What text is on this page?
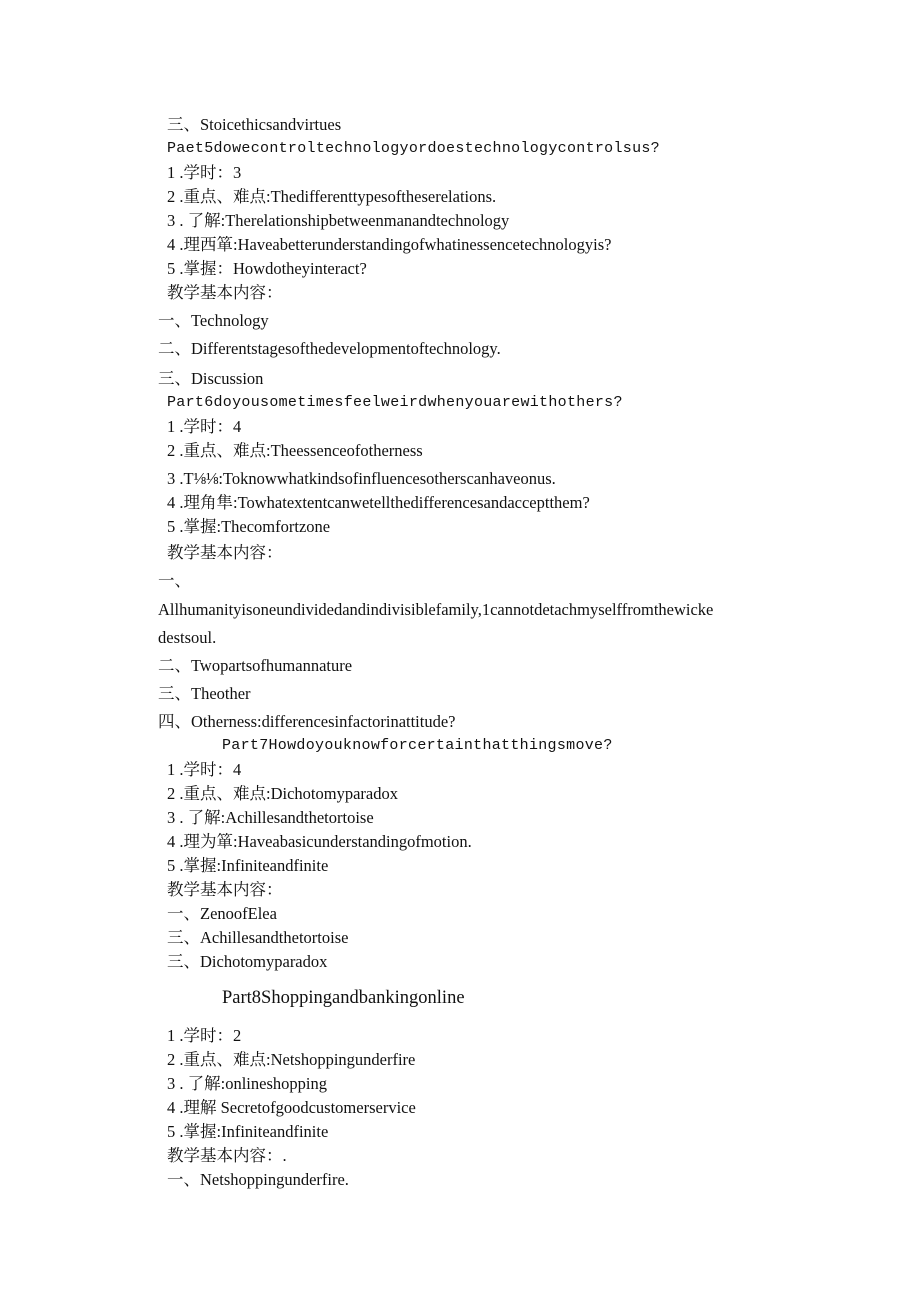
三、Stoicethicsandvirtues
Paet5dowecontroltechnologyordoestechnologycontrolsus?
1 .学时：3
2 .重点、难点:Thedifferenttypesoftheserelations.
3 . 了解:Therelationshipbetweenmanandtechnology
4 .理西箪:Haveabetterunderstandingofwhatinessencetechnologyis?
5 .掌握：Howdotheyinteract?
教学基本内容：
一、Technology
二、Differentstagesofthedevelopmentoftechnology.
三、Discussion
Part6doyousometimesfeelweirdwhenyouarewithothers?
1 .学时：4
2 .重点、难点:Theessenceofotherness
3 .T⅛⅛:Toknowwhatkindsofinfluencesotherscanhaveonus.
4 .理角隼:Towhatextentcanwetellthedifferencesandacceptthem?
5 .掌握:Thecomfortzone
教学基本内容：
一、
Allhumanityisoneundividedandindivisiblefamily,1cannotdetachmyselffromthewicke
destsoul.
二、Twopartsofhumannature
三、Theother
四、Otherness:differencesinfactorinattitude?
Part7Howdoyouknowforcertainthatthingsmove?
1 .学时：4
2 .重点、难点:Dichotomyparadox
3 . 了解:Achillesandthetortoise
4 .理为箪:Haveabasicunderstandingofmotion.
5 .掌握:Infiniteandfinite
教学基本内容：
一、ZenoofElea
三、Achillesandthetortoise
三、Dichotomyparadox
Part8Shoppingandbankingonline
1 .学时：2
2 .重点、难点:Netshoppingunderfire
3 . 了解:onlineshopping
4 .理解 Secretofgoodcustomerservice
5 .掌握:Infiniteandfinite
教学基本内容：.
一、Netshoppingunderfire.
